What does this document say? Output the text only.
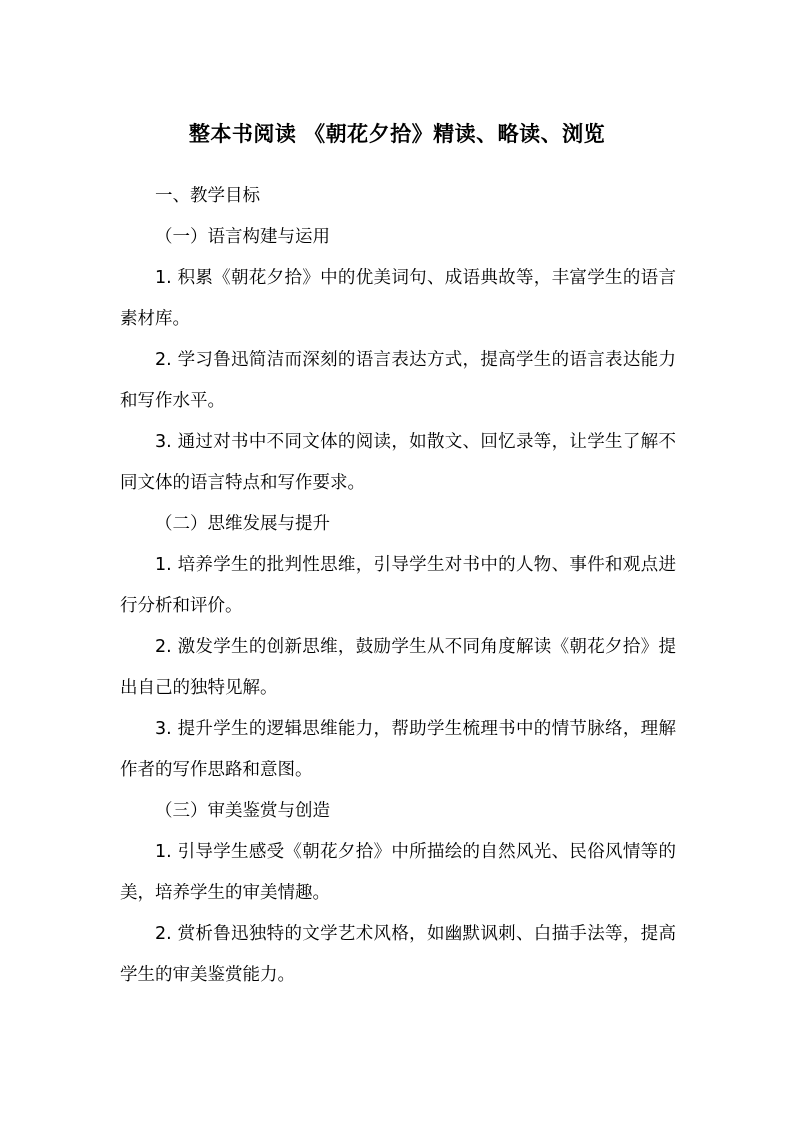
整本书阅读 《朝花夕拾》精读、略读、浏览

一、教学目标

（一）语言构建与运用

1. 积累《朝花夕拾》中的优美词句、成语典故等，丰富学生的语言素材库。

2. 学习鲁迅简洁而深刻的语言表达方式，提高学生的语言表达能力和写作水平。

3. 通过对书中不同文体的阅读，如散文、回忆录等，让学生了解不同文体的语言特点和写作要求。

（二）思维发展与提升

1. 培养学生的批判性思维，引导学生对书中的人物、事件和观点进行分析和评价。

2. 激发学生的创新思维，鼓励学生从不同角度解读《朝花夕拾》提出自己的独特见解。

3. 提升学生的逻辑思维能力，帮助学生梳理书中的情节脉络，理解作者的写作思路和意图。

（三）审美鉴赏与创造

1. 引导学生感受《朝花夕拾》中所描绘的自然风光、民俗风情等的美，培养学生的审美情趣。

2. 赏析鲁迅独特的文学艺术风格，如幽默讽刺、白描手法等，提高学生的审美鉴赏能力。
